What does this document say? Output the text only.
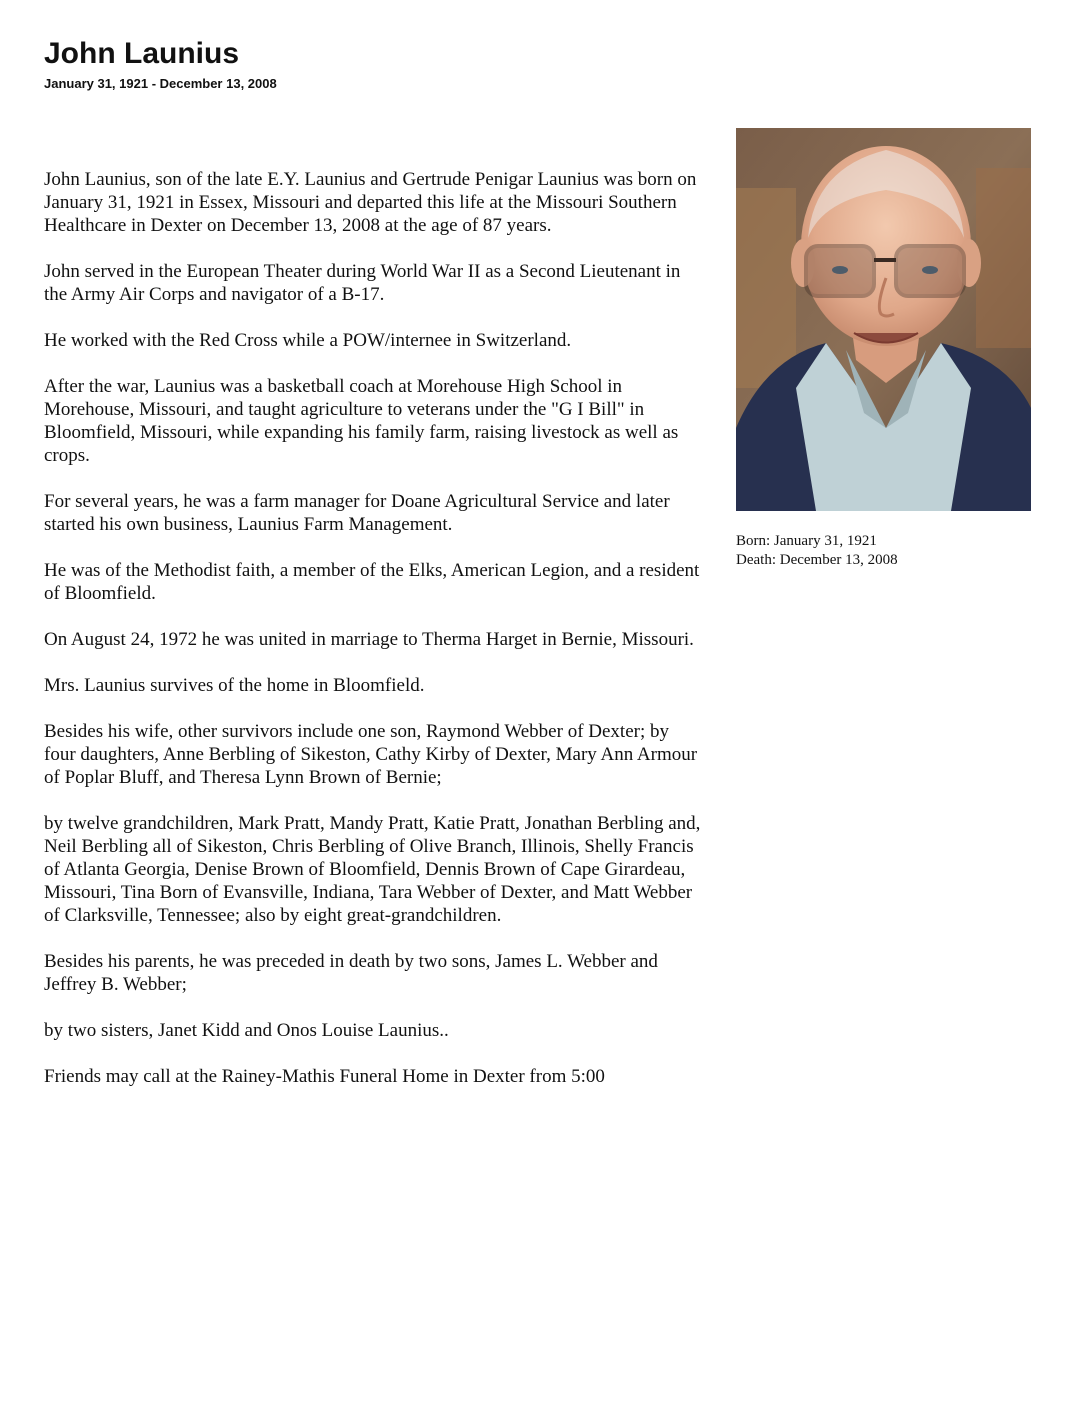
John Launius
January 31, 1921 - December 13, 2008

John Launius, son of the late E.Y. Launius and Gertrude Penigar Launius was born on January 31, 1921 in Essex, Missouri and departed this life at the Missouri Southern Healthcare in Dexter on December 13, 2008 at the age of 87 years.

John served in the European Theater during World War II as a Second Lieutenant in the Army Air Corps and navigator of a B-17.

He worked with the Red Cross while a POW/internee in Switzerland.

After the war, Launius was a basketball coach at Morehouse High School in Morehouse, Missouri, and taught agriculture to veterans under the "G I Bill" in Bloomfield, Missouri, while expanding his family farm, raising livestock as well as crops.

For several years, he was a farm manager for Doane Agricultural Service and later started his own business, Launius Farm Management.

He was of the Methodist faith, a member of the Elks, American Legion, and a resident of Bloomfield.

On August 24, 1972 he was united in marriage to Therma Harget in Bernie, Missouri.

Mrs. Launius survives of the home in Bloomfield.

Besides his wife, other survivors include one son, Raymond Webber of Dexter; by four daughters, Anne Berbling of Sikeston, Cathy Kirby of Dexter, Mary Ann Armour of Poplar Bluff, and Theresa Lynn Brown of Bernie;

by twelve grandchildren, Mark Pratt, Mandy Pratt, Katie Pratt, Jonathan Berbling and, Neil Berbling all of Sikeston, Chris Berbling of Olive Branch, Illinois, Shelly Francis of Atlanta Georgia, Denise Brown of Bloomfield, Dennis Brown of Cape Girardeau, Missouri, Tina Born of Evansville, Indiana, Tara Webber of Dexter, and Matt Webber of Clarksville, Tennessee; also by eight great-grandchildren.

Besides his parents, he was preceded in death by two sons, James L. Webber and Jeffrey B. Webber;

by two sisters, Janet Kidd and Onos Louise Launius..

Friends may call at the Rainey-Mathis Funeral Home in Dexter from 5:00

Born: January 31, 1921
Death: December 13, 2008
